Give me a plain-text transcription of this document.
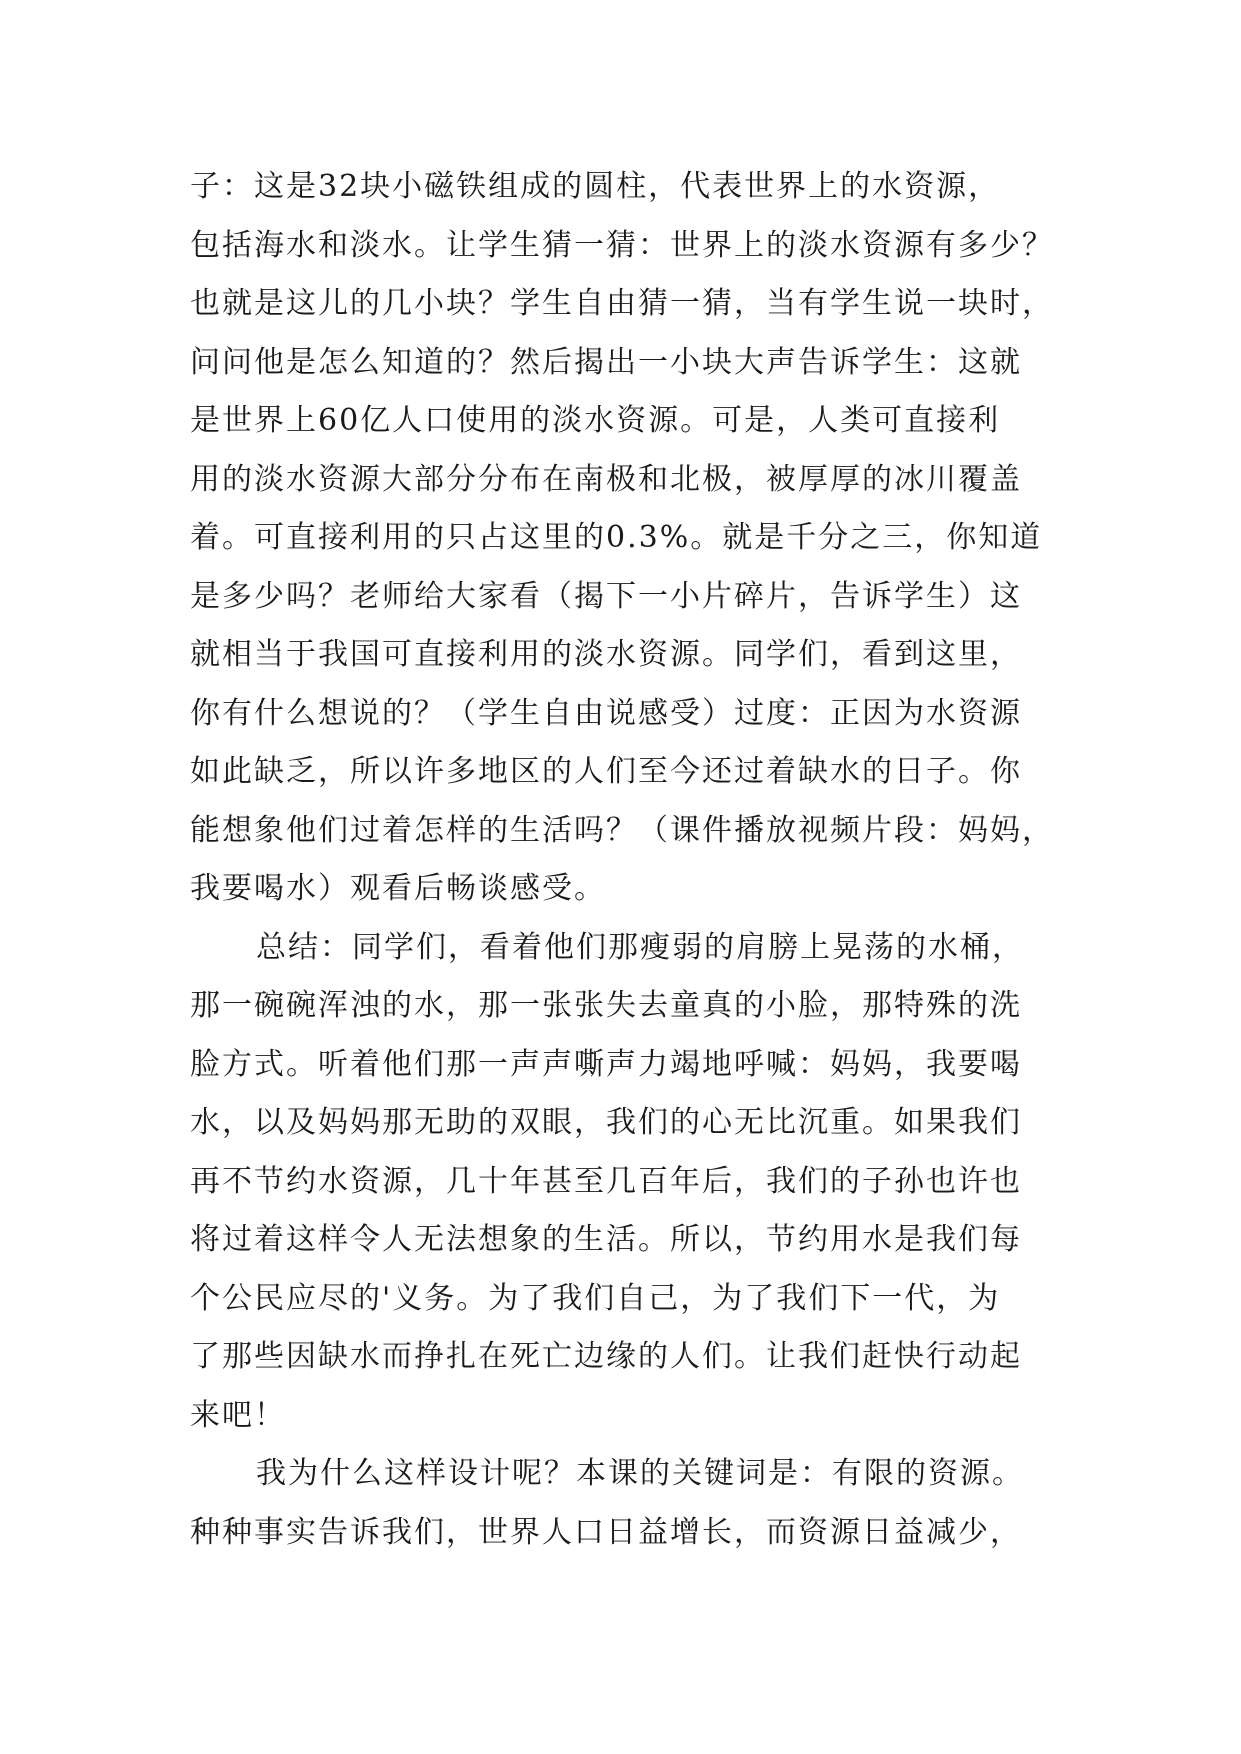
子：这是32块小磁铁组成的圆柱，代表世界上的水资源，
包括海水和淡水。让学生猜一猜：世界上的淡水资源有多少？
也就是这儿的几小块？学生自由猜一猜，当有学生说一块时，
问问他是怎么知道的？然后揭出一小块大声告诉学生：这就
是世界上60亿人口使用的淡水资源。可是，人类可直接利
用的淡水资源大部分分布在南极和北极，被厚厚的冰川覆盖
着。可直接利用的只占这里的0.3%。就是千分之三，你知道
是多少吗？老师给大家看（揭下一小片碎片，告诉学生）这
就相当于我国可直接利用的淡水资源。同学们，看到这里，
你有什么想说的？（学生自由说感受）过度：正因为水资源
如此缺乏，所以许多地区的人们至今还过着缺水的日子。你
能想象他们过着怎样的生活吗？（课件播放视频片段：妈妈，
我要喝水）观看后畅谈感受。
总结：同学们，看着他们那瘦弱的肩膀上晃荡的水桶，
那一碗碗浑浊的水，那一张张失去童真的小脸，那特殊的洗
脸方式。听着他们那一声声嘶声力竭地呼喊：妈妈，我要喝
水，以及妈妈那无助的双眼，我们的心无比沉重。如果我们
再不节约水资源，几十年甚至几百年后，我们的子孙也许也
将过着这样令人无法想象的生活。所以，节约用水是我们每
个公民应尽的'义务。为了我们自己，为了我们下一代，为
了那些因缺水而挣扎在死亡边缘的人们。让我们赶快行动起
来吧！
我为什么这样设计呢？本课的关键词是：有限的资源。
种种事实告诉我们，世界人口日益增长，而资源日益减少，
